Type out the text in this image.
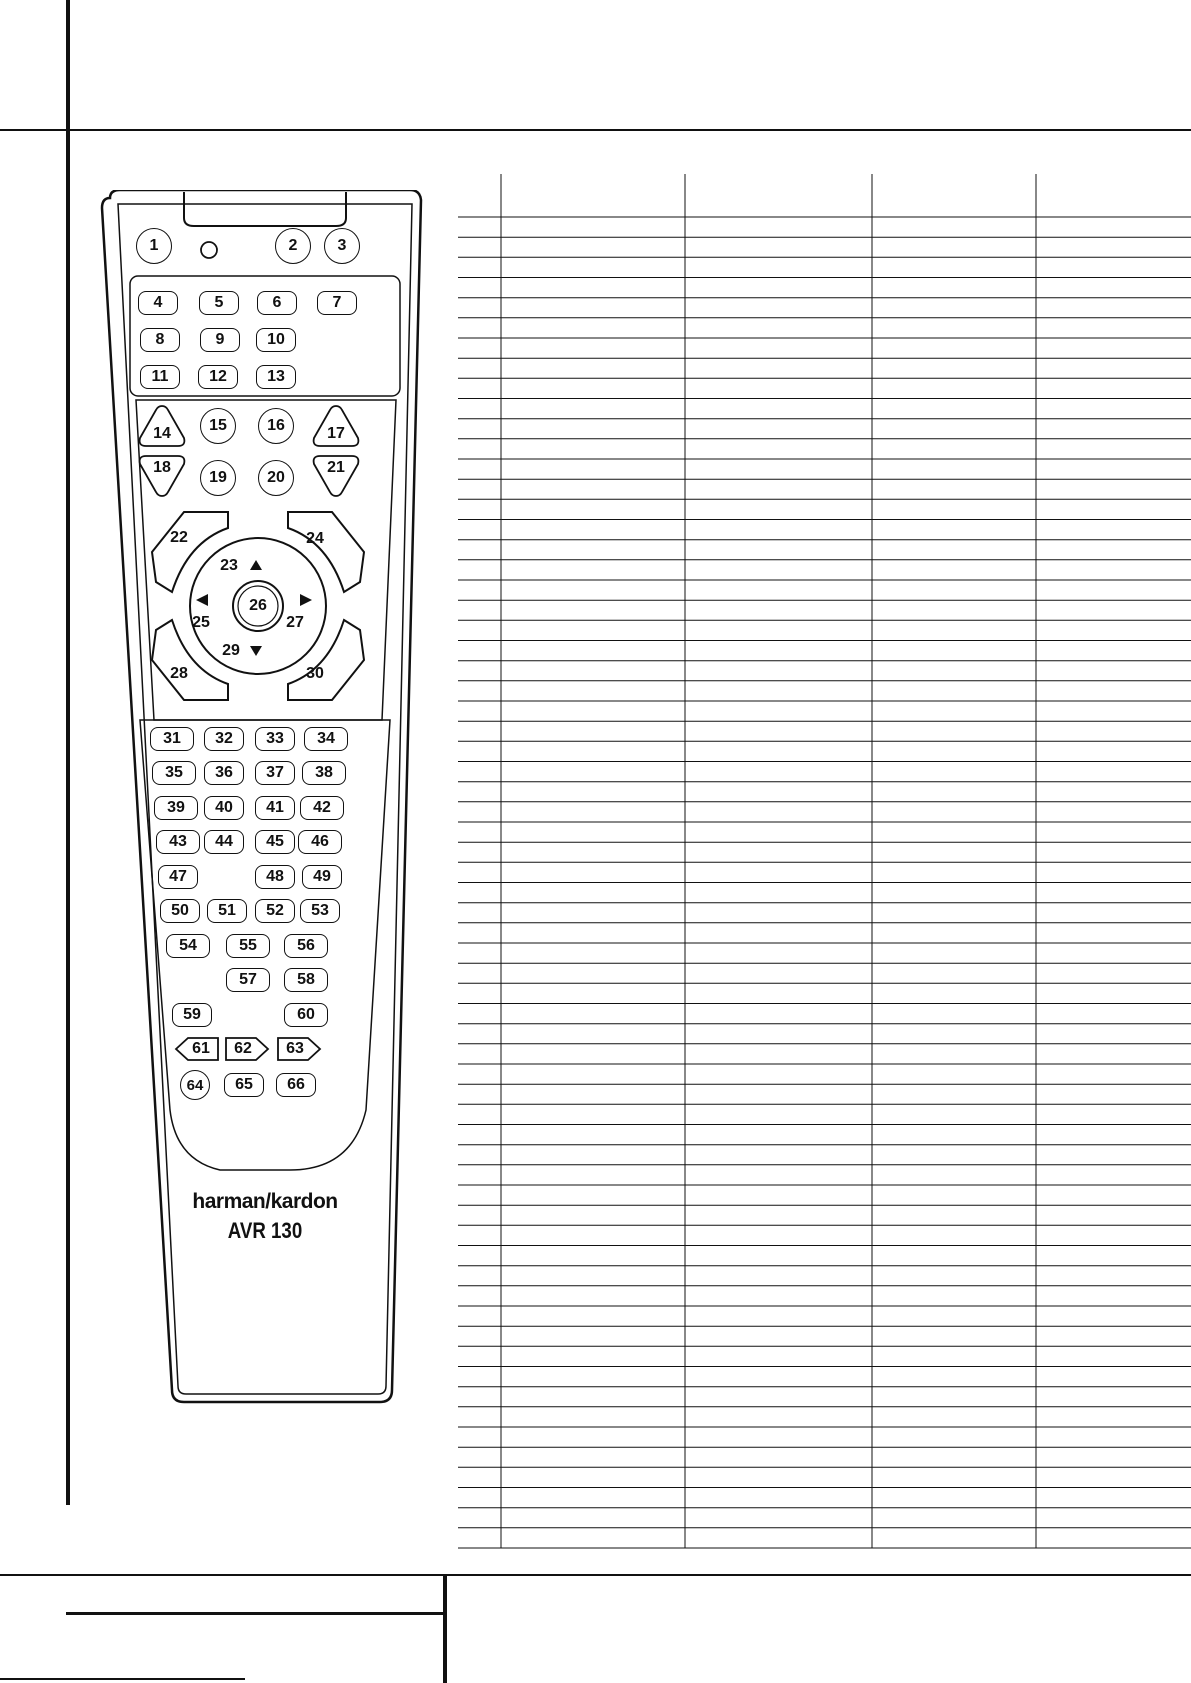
1	2	3
4	5	6	7
8	9	10
11	12	13
14	15	16	17
18
19	20
21
22
23
24
25
26
27
28
29
30
31	32	33	34
35	36	37	38
39	40	41	42
43	44	45	46
47	48	49
50	51	52	53
54	55	56
57	58
59	60
61 62 63
64	65	66
harman/kardon
AVR 130
